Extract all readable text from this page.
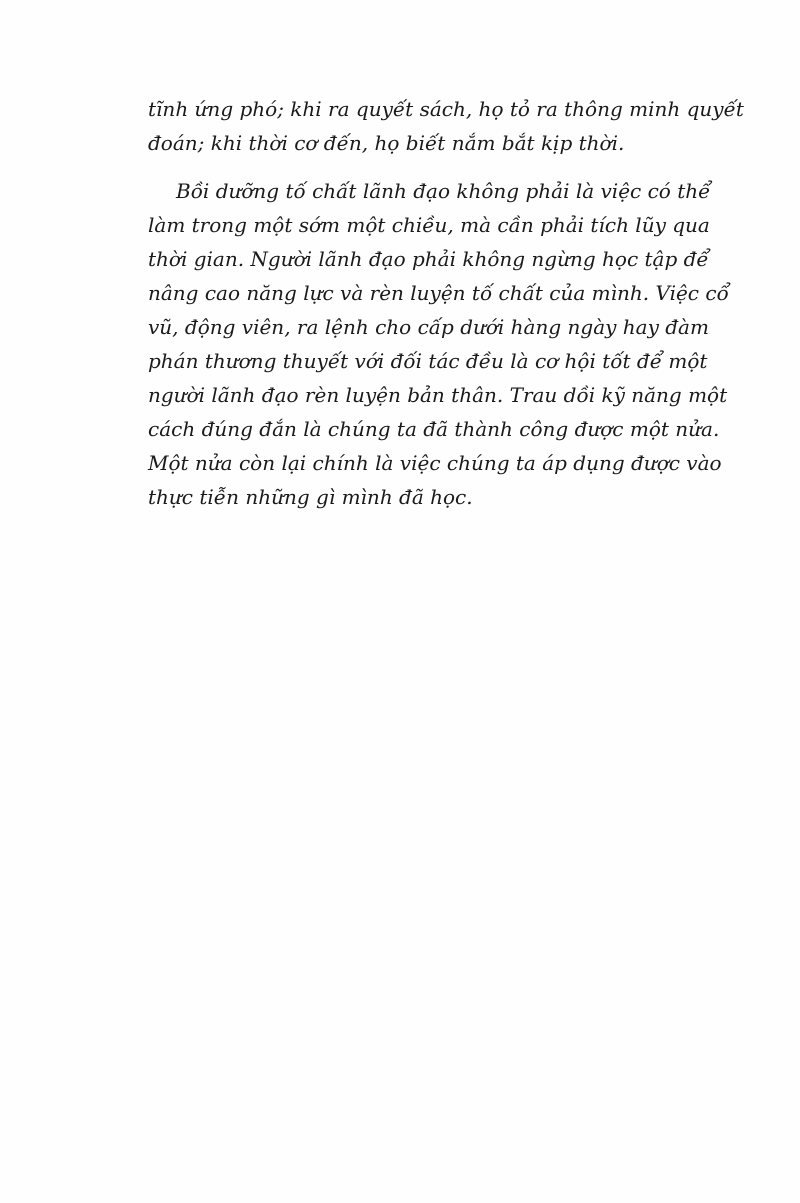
tĩnh ứng phó; khi ra quyết sách, họ tỏ ra thông minh quyết
đoán; khi thời cơ đến, họ biết nắm bắt kịp thời.
Bồi dưỡng tố chất lãnh đạo không phải là việc có thể
làm trong một sớm một chiều, mà cần phải tích lũy qua
thời gian. Người lãnh đạo phải không ngừng học tập để
nâng cao năng lực và rèn luyện tố chất của mình. Việc cổ
vũ, động viên, ra lệnh cho cấp dưới hàng ngày hay đàm
phán thương thuyết với đối tác đều là cơ hội tốt để một
người lãnh đạo rèn luyện bản thân. Trau dồi kỹ năng một
cách đúng đắn là chúng ta đã thành công được một nửa.
Một nửa còn lại chính là việc chúng ta áp dụng được vào
thực tiễn những gì mình đã học.
